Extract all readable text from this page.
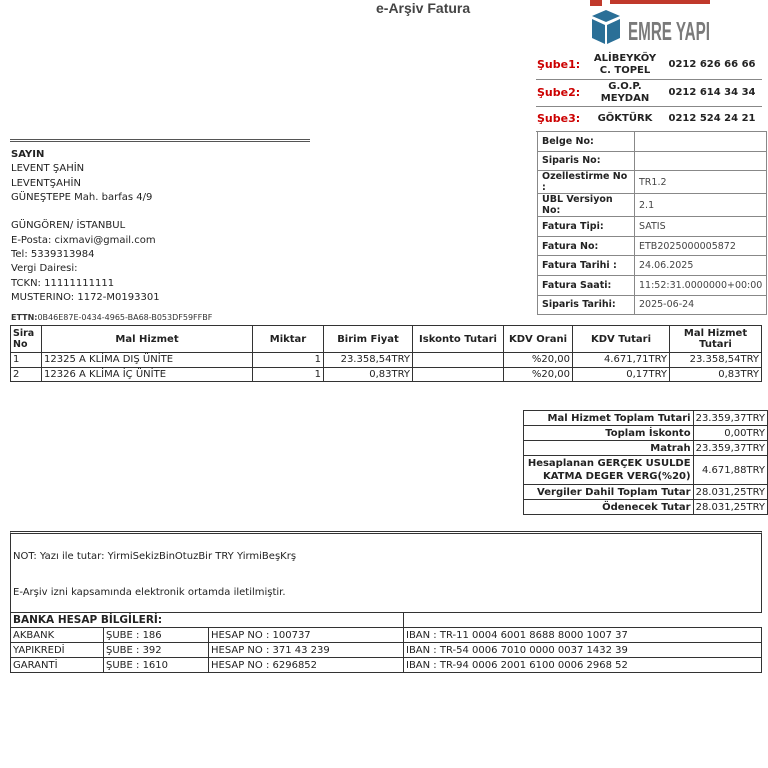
e-Arşiv Fatura
EMRE YAPI
Şube1:	ALİBEYKÖY C. TOPEL	0212 626 66 66
Şube2:	G.O.P. MEYDAN	0212 614 34 34
Şube3:	GÖKTÜRK	0212 524 24 21
SAYIN
LEVENT ŞAHİN
LEVENTŞAHİN
GÜNEŞTEPE Mah. barfas 4/9

GÜNGÖREN/ İSTANBUL
E-Posta: cixmavi@gmail.com
Tel: 5339313984
Vergi Dairesi:
TCKN: 11111111111
MUSTERINO: 1172-M0193301
Belge No:	
Siparis No:	
Ozellestirme No :	TR1.2
UBL Versiyon No:	2.1
Fatura Tipi:	SATIS
Fatura No:	ETB2025000005872
Fatura Tarihi :	24.06.2025
Fatura Saati:	11:52:31.0000000+00:00
Siparis Tarihi:	2025-06-24
ETTN:0B46E87E-0434-4965-BA68-B053DF59FFBF
Sira No	Mal Hizmet	Miktar	Birim Fiyat	Iskonto Tutari	KDV Orani	KDV Tutari	Mal Hizmet Tutari
1	12325 A KLİMA DIŞ ÜNİTE	1	23.358,54TRY		%20,00	4.671,71TRY	23.358,54TRY
2	12326 A KLİMA İÇ ÜNİTE	1	0,83TRY		%20,00	0,17TRY	0,83TRY
Mal Hizmet Toplam Tutari	23.359,37TRY
Toplam İskonto	0,00TRY
Matrah	23.359,37TRY
Hesaplanan GERÇEK USULDE KATMA DEGER VERG(%20)	4.671,88TRY
Vergiler Dahil Toplam Tutar	28.031,25TRY
Ödenecek Tutar	28.031,25TRY
NOT: Yazı ile tutar: YirmiSekizBinOtuzBir TRY YirmiBeşKrş
E-Arşiv izni kapsamında elektronik ortamda iletilmiştir.
BANKA HESAP BİLGİLERİ:
AKBANK	ŞUBE : 186	HESAP NO : 100737	IBAN : TR-11 0004 6001 8688 8000 1007 37
YAPIKREDİ	ŞUBE : 392	HESAP NO : 371 43 239	IBAN : TR-54 0006 7010 0000 0037 1432 39
GARANTİ	ŞUBE : 1610	HESAP NO : 6296852	IBAN : TR-94 0006 2001 6100 0006 2968 52
